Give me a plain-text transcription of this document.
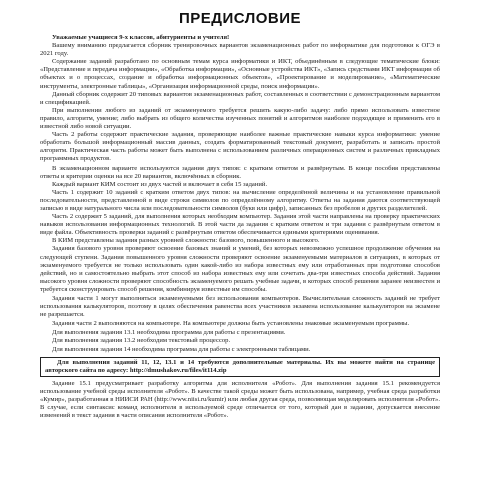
ПРЕДИСЛОВИЕ

Уважаемые учащиеся 9-х классов, абитуриенты и учителя!

Вашему вниманию предлагается сборник тренировочных вариантов экзаменационных работ по информатике для подготовки к ОГЭ в 2021 году.

Содержание заданий разработано по основным темам курса информатики и ИКТ, объединённым в следующие тематические блоки: «Представление и передача информации», «Обработка информации», «Основные устройства ИКТ», «Запись средствами ИКТ информации об объектах и о процессах, создание и обработка информационных объектов», «Проектирование и моделирование», «Математические инструменты, электронные таблицы», «Организация информационной среды, поиск информации».

Данный сборник содержит 20 типовых вариантов экзаменационных работ, составленных в соответствии с демонстрационным вариантом и спецификацией.

При выполнении любого из заданий от экзаменуемого требуется решить какую-либо задачу: либо прямо использовать известное правило, алгоритм, умение; либо выбрать из общего количества изученных понятий и алгоритмов наиболее подходящее и применить его в известной либо новой ситуации.

Часть 2 работы содержит практические задания, проверяющие наиболее важные практические навыки курса информатики: умение обработать большой информационный массив данных, создать форматированный текстовый документ, разработать и записать простой алгоритм. Практическая часть работы может быть выполнена с использованием различных операционных систем и различных прикладных программных продуктов.

В экзаменационном варианте используются задания двух типов: с кратким ответом и развёрнутым. В конце пособия представлены ответы и критерии оценки на все 20 вариантов, включённых в сборник.

Каждый вариант КИМ состоит из двух частей и включает в себя 15 заданий.

Часть 1 содержит 10 заданий с кратким ответом двух типов: на вычисление определённой величины и на установление правильной последовательности, представленной в виде строки символов по определённому алгоритму. Ответы на задания даются соответствующей записью в виде натурального числа или последовательности символов (букв или цифр), записанных без пробелов и других разделителей.

Часть 2 содержит 5 заданий, для выполнения которых необходим компьютер. Задания этой части направлены на проверку практических навыков использования информационных технологий. В этой части да задания с кратким ответом и три задания с развёрнутым ответом в виде файла. Объективность проверки заданий с развёрнутым ответом обеспечивается едиными критериями оценивания.

В КИМ представлены задания разных уровней сложности: базового, повышенного и высокого.

Задания базового уровня проверяют освоение базовых знаний и умений, без которых невозможно успешное продолжение обучения на следующей ступени. Задания повышенного уровня сложности проверяют освоение экзаменуемыми материалов в ситуациях, в которых от экзаменуемого требуется не только использовать один какой-либо из набора известных ему или отработанных при подготовке способов действий, но и самостоятельно выбрать этот способ из набора известных ему или сочетать два-три известных способа действий. Задания высокого уровня сложности проверяют способность экзаменуемого решать учебные задачи, в которых способ решения заранее неизвестен и требуется сконструировать способ решения, комбинируя известные им способы.

Задания части 1 могут выполняться экзаменуемыми без использования компьютеров. Вычислительная сложность заданий не требует использования калькуляторов, поэтому в целях обеспечения равенства всех участников экзамена использование калькуляторов на экзамене не разрешается.

Задания части 2 выполняются на компьютере. На компьютере должны быть установлены знакомые экзаменуемым программы.

Для выполнения задания 13.1 необходима программа для работы с презентациями.

Для выполнения задания 13.2 необходим текстовый процессор.

Для выполнения задания 14 необходима программа для работы с электронными таблицами.

Для выполнения заданий 11, 12, 13.1 и 14 требуются дополнительные материалы. Их вы можете найти на странице авторского сайта по адресу: http://dmushakov.ru/files/it114.zip

Задание 15.1 предусматривает разработку алгоритма для исполнителя «Робот». Для выполнения задания 15.1 рекомендуется использование учебной среды исполнителя «Робот». В качестве такой среды может быть использована, например, учебная среда разработки «Кумир», разработанная в НИИСИ РАН (http://www.niisi.ru/kumir) или любая другая среда, позволяющая моделировать исполнителя «Робот». В случае, если синтаксис команд исполнителя в используемой среде отличается от того, который дан в задании, допускается внесение изменений в текст задания в части описания исполнителя «Робот».
